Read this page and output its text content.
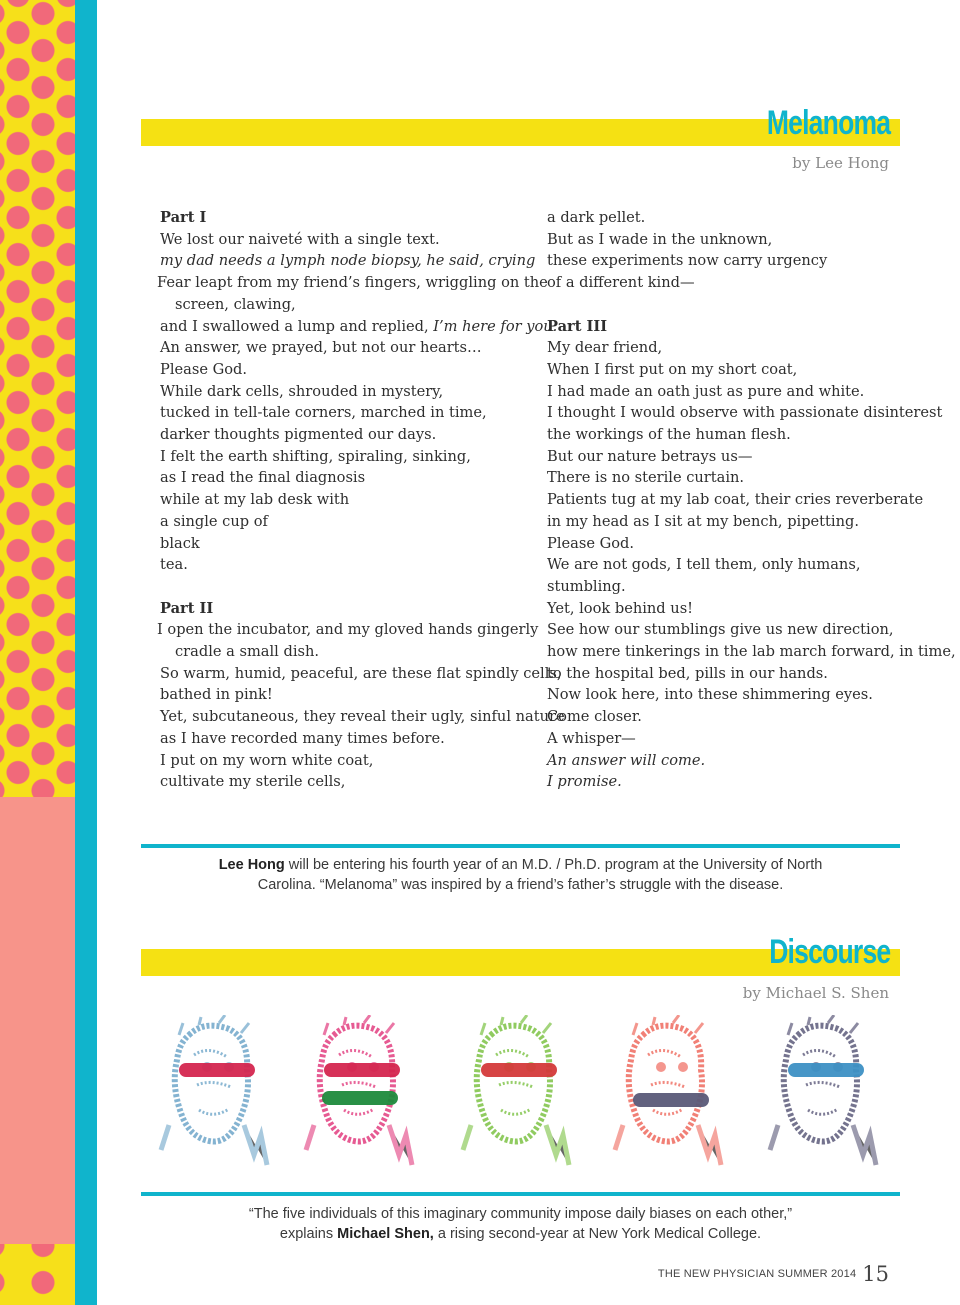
Melanoma
by Lee Hong

Part I

We lost our naiveté with a single text.

my dad needs a lymph node biopsy, he said, crying

Fear leapt from my friend’s fingers, wriggling on the

screen, clawing,

and I swallowed a lump and replied, I’m here for you.

An answer, we prayed, but not our hearts…

Please God.

While dark cells, shrouded in mystery,

tucked in tell-tale corners, marched in time,

darker thoughts pigmented our days.

I felt the earth shifting, spiraling, sinking,

as I read the final diagnosis

while at my lab desk with

a single cup of

black

tea.

Part II

I open the incubator, and my gloved hands gingerly

cradle a small dish.

So warm, humid, peaceful, are these flat spindly cells,

bathed in pink!

Yet, subcutaneous, they reveal their ugly, sinful nature

as I have recorded many times before.

I put on my worn white coat,

cultivate my sterile cells,

a dark pellet.

But as I wade in the unknown,

these experiments now carry urgency

of a different kind—

Part III

My dear friend,

When I first put on my short coat,

I had made an oath just as pure and white.

I thought I would observe with passionate disinterest

the workings of the human flesh.

But our nature betrays us—

There is no sterile curtain.

Patients tug at my lab coat, their cries reverberate

in my head as I sit at my bench, pipetting.

Please God.

We are not gods, I tell them, only humans,

stumbling.

Yet, look behind us!

See how our stumblings give us new direction,

how mere tinkerings in the lab march forward, in time,

to the hospital bed, pills in our hands.

Now look here, into these shimmering eyes.

Come closer.

A whisper—

An answer will come.

I promise.

Lee Hong will be entering his fourth year of an M.D. / Ph.D. program at the University of North
Carolina. “Melanoma” was inspired by a friend’s father’s struggle with the disease.
Discourse
by Michael S. Shen
“The five individuals of this imaginary community impose daily biases on each other,”
explains Michael Shen, a rising second-year at New York Medical College.
THE NEW PHYSICIAN SUMMER 2014 15
